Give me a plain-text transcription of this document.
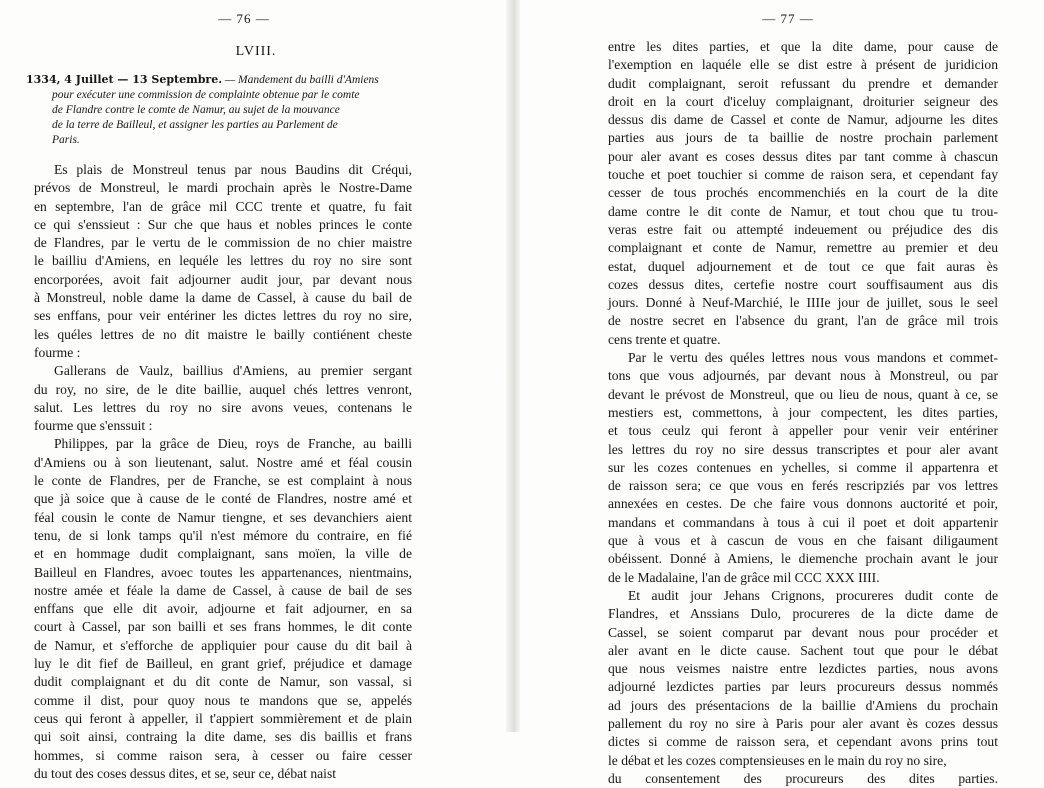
— 76 —
LVIII.
1334, 4 Juillet — 13 Septembre. — Mandement du bailli d'Amiens
pour exécuter une commission de complainte obtenue par le comte
de Flandre contre le comte de Namur, au sujet de la mouvance
de la terre de Bailleul, et assigner les parties au Parlement de
Paris.
Es plais de Monstreul tenus par nous Baudins dit Créqui,
prévos de Monstreul, le mardi prochain après le Nostre-Dame
en septembre, l'an de grâce mil CCC trente et quatre, fu fait
ce qui s'enssieut : Sur che que haus et nobles princes le conte
de Flandres, par le vertu de le commission de no chier maistre
le bailliu d'Amiens, en lequéle les lettres du roy no sire sont
encorporées, avoit fait adjourner audit jour, par devant nous
à Monstreul, noble dame la dame de Cassel, à cause du bail de
ses enffans, pour veir entériner les dictes lettres du roy no sire,
les quéles lettres de no dit maistre le bailly contiénent cheste
fourme :
Gallerans de Vaulz, baillius d'Amiens, au premier sergant
du roy, no sire, de le dite baillie, auquel chés lettres venront,
salut. Les lettres du roy no sire avons veues, contenans le
fourme que s'enssuit :
Philippes, par la grâce de Dieu, roys de Franche, au bailli
d'Amiens ou à son lieutenant, salut. Nostre amé et féal cousin
le conte de Flandres, per de Franche, se est complaint à nous
que jà soice que à cause de le conté de Flandres, nostre amé et
féal cousin le conte de Namur tiengne, et ses devanchiers aient
tenu, de si lonk tamps qu'il n'est mémore du contraire, en fié
et en hommage dudit complaignant, sans moïen, la ville de
Bailleul en Flandres, avoec toutes les appartenances, nientmains,
nostre amée et féale la dame de Cassel, à cause de bail de ses
enffans que elle dit avoir, adjourne et fait adjourner, en sa
court à Cassel, par son bailli et ses frans hommes, le dit conte
de Namur, et s'efforche de appliquier pour cause du dit bail à
luy le dit fief de Bailleul, en grant grief, préjudice et damage
dudit complaignant et du dit conte de Namur, son vassal, si
comme il dist, pour quoy nous te mandons que se, appelés
ceus qui feront à appeller, il t'appiert sommièrement et de plain
qui soit ainsi, contraing la dite dame, ses dis baillis et frans
hommes, si comme raison sera, à cesser ou faire cesser
du tout des coses dessus dites, et se, seur ce, débat naist
— 77 —
entre les dites parties, et que la dite dame, pour cause de
l'exemption en laquéle elle se dist estre à présent de juridicion
dudit complaignant, seroit refussant du prendre et demander
droit en la court d'iceluy complaignant, droiturier seigneur des
dessus dis dame de Cassel et conte de Namur, adjourne les dites
parties aus jours de ta baillie de nostre prochain parlement
pour aler avant es coses dessus dites par tant comme à chascun
touche et poet touchier si comme de raison sera, et cependant fay
cesser de tous prochés encommenchiés en la court de la dite
dame contre le dit conte de Namur, et tout chou que tu trou-
veras estre fait ou attempté indeuement ou préjudice des dis
complaignant et conte de Namur, remettre au premier et deu
estat, duquel adjournement et de tout ce que fait auras ès
cozes dessus dites, certefie nostre court souffisaument aus dis
jours. Donné à Neuf-Marchié, le IIIIe jour de juillet, sous le seel
de nostre secret en l'absence du grant, l'an de grâce mil trois
cens trente et quatre.
Par le vertu des quéles lettres nous vous mandons et commet-
tons que vous adjournés, par devant nous à Monstreul, ou par
devant le prévost de Monstreul, que ou lieu de nous, quant à ce, se
mestiers est, commettons, à jour compectent, les dites parties,
et tous ceulz qui feront à appeller pour venir veir entériner
les lettres du roy no sire dessus transcriptes et pour aler avant
sur les cozes contenues en ychelles, si comme il appartenra et
de raisson sera; ce que vous en ferés rescripziés par vos lettres
annexées en cestes. De che faire vous donnons auctorité et poir,
mandans et commandans à tous à cui il poet et doit appartenir
que à vous et à cascun de vous en che faisant diligaument
obéissent. Donné à Amiens, le diemenche prochain avant le jour
de le Madalaine, l'an de grâce mil CCC XXX IIII.
Et audit jour Jehans Crignons, procureres dudit conte de
Flandres, et Anssians Dulo, procureres de la dicte dame de
Cassel, se soient comparut par devant nous pour procéder et
aler avant en le dicte cause. Sachent tout que pour le débat
que nous veismes naistre entre lezdictes parties, nous avons
adjourné lezdictes parties par leurs procureurs dessus nommés
ad jours des présentacions de la baillie d'Amiens du prochain
pallement du roy no sire à Paris pour aler avant ès cozes dessus
dictes si comme de raisson sera, et cependant avons prins tout
le débat et les cozes comptensieuses en le main du roy no sire,
du consentement des procureurs des dites parties.
